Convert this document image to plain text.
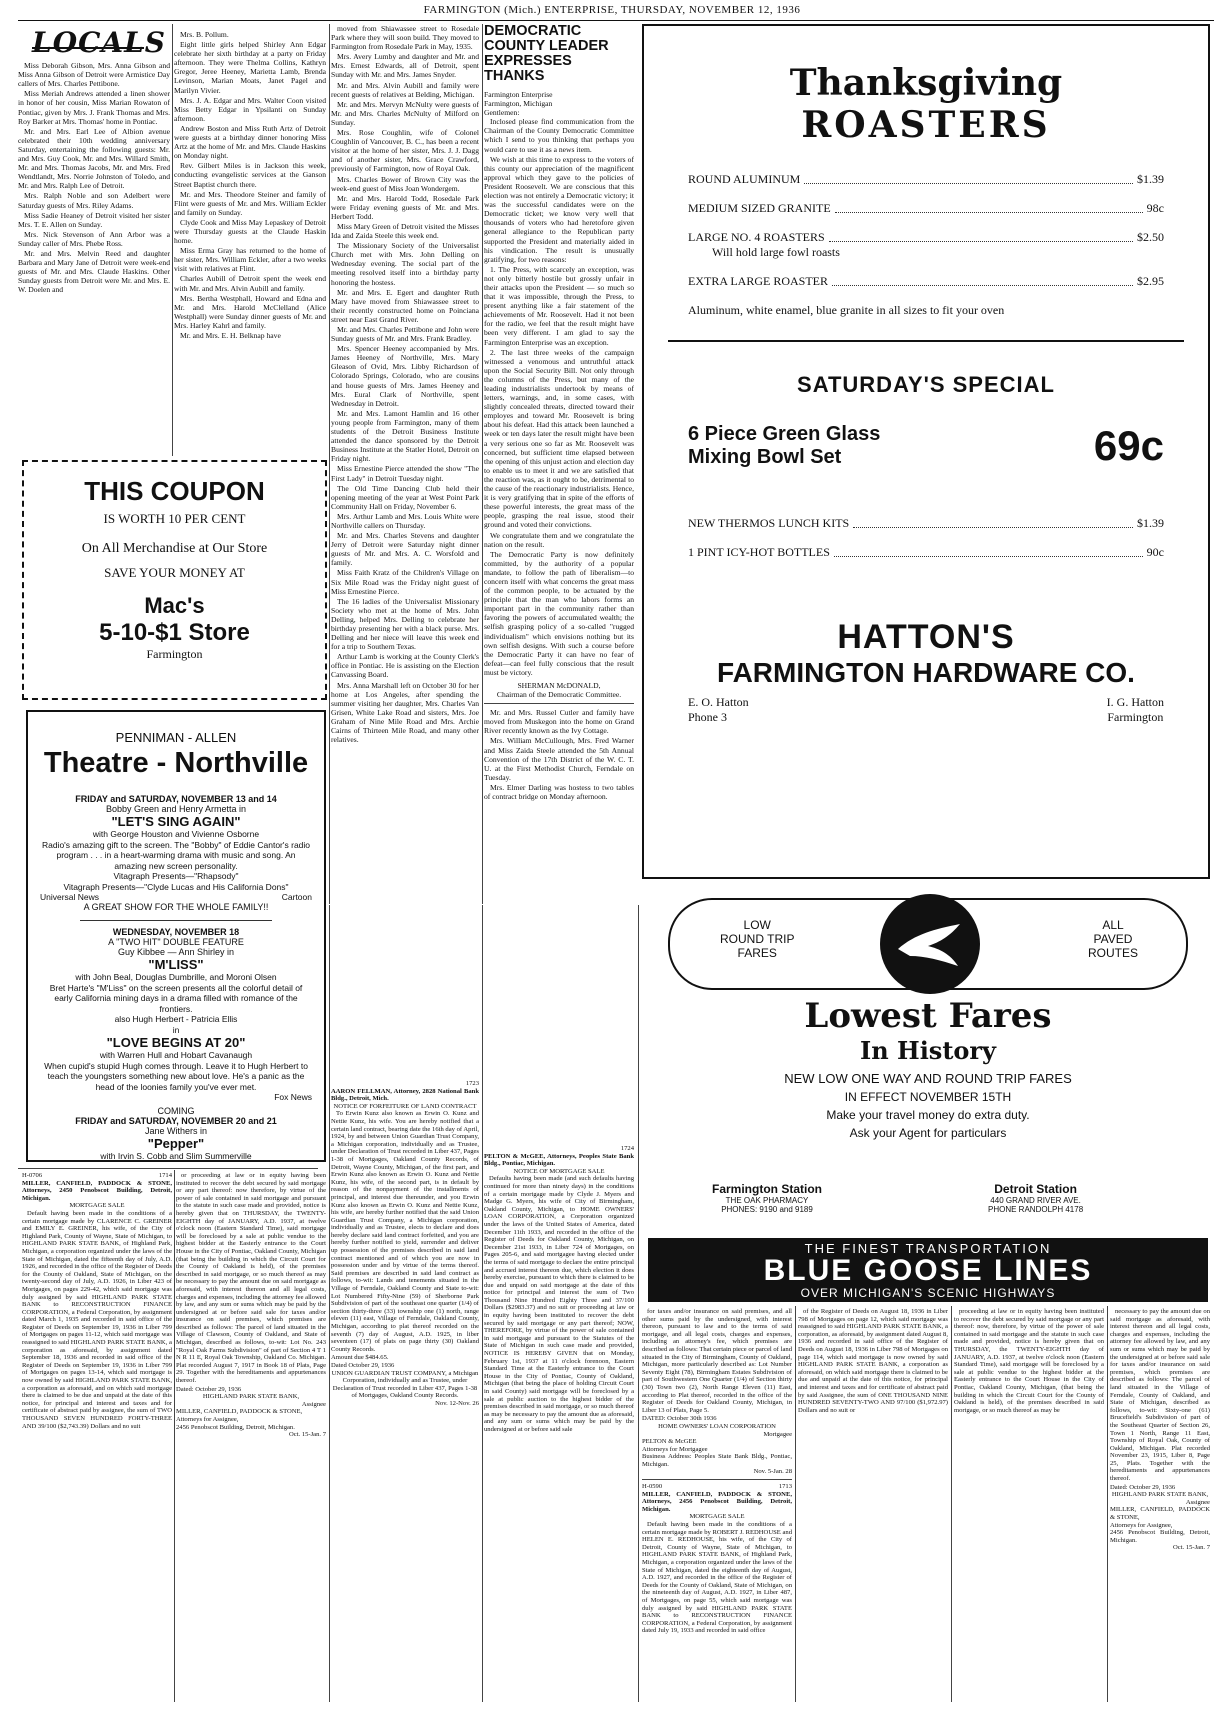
FARMINGTON (Mich.) ENTERPRISE, THURSDAY, NOVEMBER 12, 1936
LOCALS

Miss Deborah Gibson, Mrs. Anna Gibson and Miss Anna Gibson of Detroit were Armistice Day callers of Mrs. Charles Pettibone.

Miss Meriah Andrews attended a linen shower in honor of her cousin, Miss Marian Rowaton of Pontiac, given by Mrs. J. Frank Thomas and Mrs. Roy Barker at Mrs. Thomas' home in Pontiac.

Mr. and Mrs. Earl Lee of Albion avenue celebrated their 10th wedding anniversary Saturday, entertaining the following guests: Mr. and Mrs. Guy Cook, Mr. and Mrs. Willard Smith, Mr. and Mrs. Thomas Jacobs, Mr. and Mrs. Fred Wendtlandt, Mrs. Norrie Johnston of Toledo, and Mr. and Mrs. Ralph Lee of Detroit.

Mrs. Ralph Noble and son Adelbert were Saturday guests of Mrs. Riley Adams.

Miss Sadie Heaney of Detroit visited her sister Mrs. T. E. Allen on Sunday.

Mrs. Nick Stevenson of Ann Arbor was a Sunday caller of Mrs. Phebe Ross.

Mr. and Mrs. Melvin Reed and daughter Barbara and Mary Jane of Detroit were week-end guests of Mr. and Mrs. Claude Haskins. Other Sunday guests from Detroit were Mr. and Mrs. E. W. Doelen and

Mrs. B. Pollum.

Eight little girls helped Shirley Ann Edgar celebrate her sixth birthday at a party on Friday afternoon. They were Thelma Collins, Kathryn Gregor, Jeree Heeney, Marietta Lamb, Brenda Levinson, Marian Moats, Janet Pagel and Marilyn Vivier.

Mrs. J. A. Edgar and Mrs. Walter Coon visited Miss Betty Edgar in Ypsilanti on Sunday afternoon.

Andrew Boston and Miss Ruth Artz of Detroit were guests at a birthday dinner honoring Miss Artz at the home of Mr. and Mrs. Claude Haskins on Monday night.

Rev. Gilbert Miles is in Jackson this week, conducting evangelistic services at the Ganson Street Baptist church there.

Mr. and Mrs. Theodore Steiner and family of Flint were guests of Mr. and Mrs. William Eckler and family on Sunday.

Clyde Cook and Miss May Lepaskey of Detroit were Thursday guests at the Claude Haskin home.

Miss Erma Gray has returned to the home of her sister, Mrs. William Eckler, after a two weeks visit with relatives at Flint.

Charles Aubill of Detroit spent the week end with Mr. and Mrs. Alvin Aubill and family.

Mrs. Bertha Westphall, Howard and Edna and Mr. and Mrs. Harold McClelland (Alice Westphall) were Sunday dinner guests of Mr. and Mrs. Harley Kahrl and family.

Mr. and Mrs. E. H. Belknap have

moved from Shiawassee street to Rosedale Park where they will soon build. They moved to Farmington from Rosedale Park in May, 1935.

Mrs. Avery Lumby and daughter and Mr. and Mrs. Ernest Edwards, all of Detroit, spent Sunday with Mr. and Mrs. James Snyder.

Mr. and Mrs. Alvin Aubill and family were recent guests of relatives at Belding, Michigan.

Mr. and Mrs. Mervyn McNulty were guests of Mr. and Mrs. Charles McNulty of Milford on Sunday.

Mrs. Rose Coughlin, wife of Colonel Coughlin of Vancouver, B. C., has been a recent visitor at the home of her sister, Mrs. J. J. Dagg and of another sister, Mrs. Grace Crawford, previously of Farmington, now of Royal Oak.

Mrs. Charles Bower of Brown City was the week-end guest of Miss Joan Wondergem.

Mr. and Mrs. Harold Todd, Rosedale Park were Friday evening guests of Mr. and Mrs. Herbert Todd.

Miss Mary Green of Detroit visited the Misses Ida and Zaida Steele this week end.

The Missionary Society of the Universalist Church met with Mrs. John Delling on Wednesday evening. The social part of the meeting resolved itself into a birthday party honoring the hostess.

Mr. and Mrs. E. Egert and daughter Ruth Mary have moved from Shiawassee street to their recently constructed home on Poinciana street near East Grand River.

Mr. and Mrs. Charles Pettibone and John were Sunday guests of Mr. and Mrs. Frank Bradley.

Mrs. Spencer Heeney accompanied by Mrs. James Heeney of Northville, Mrs. Mary Gleason of Ovid, Mrs. Libby Richardson of Colorado Springs, Colorado, who are cousins and house guests of Mrs. James Heeney and Mrs. Eural Clark of Northville, spent Wednesday in Detroit.

Mr. and Mrs. Lamont Hamlin and 16 other young people from Farmington, many of them students of the Detroit Business Institute attended the dance sponsored by the Detroit Business Institute at the Statler Hotel, Detroit on Friday night.

Miss Ernestine Pierce attended the show "The First Lady" in Detroit Tuesday night.

The Old Time Dancing Club held their opening meeting of the year at West Point Park Community Hall on Friday, November 6.

Mrs. Arthur Lamb and Mrs. Louis White were Northville callers on Thursday.

Mr. and Mrs. Charles Stevens and daughter Jerry of Detroit were Saturday night dinner guests of Mr. and Mrs. A. C. Worsfold and family.

Miss Faith Kratz of the Children's Village on Six Mile Road was the Friday night guest of Miss Ernestine Pierce.

The 16 ladies of the Universalist Missionary Society who met at the home of Mrs. John Delling, helped Mrs. Delling to celebrate her birthday presenting her with a black purse. Mrs. Delling and her niece will leave this week end for a trip to Southern Texas.

Arthur Lamb is working at the County Clerk's office in Pontiac. He is assisting on the Election Canvassing Board.

Mrs. Anna Marshall left on October 30 for her home at Los Angeles, after spending the summer visiting her daughter, Mrs. Charles Van Grisen, White Lake Road and sisters, Mrs. Joe Graham of Nine Mile Road and Mrs. Archie Cairns of Thirteen Mile Road, and many other relatives.

DEMOCRATIC COUNTY LEADER EXPRESSES THANKS
Farmington Enterprise
Farmington, Michigan
Gentlemen:

Inclosed please find communication from the Chairman of the County Democratic Committee which I send to you thinking that perhaps you would care to use it as a news item.

We wish at this time to express to the voters of this county our appreciation of the magnificent approval which they gave to the policies of President Roosevelt. We are conscious that this election was not entirely a Democratic victory; it was the successful candidates were on the Democratic ticket; we know very well that thousands of voters who had heretofore given general allegiance to the Republican party supported the President and materially aided in his vindication. The result is unusually gratifying, for two reasons:

1. The Press, with scarcely an exception, was not only bitterly hostile but grossly unfair in their attacks upon the President — so much so that it was impossible, through the Press, to present anything like a fair statement of the achievements of Mr. Roosevelt. Had it not been for the radio, we feel that the result might have been very different. I am glad to say the Farmington Enterprise was an exception.

2. The last three weeks of the campaign witnessed a venomous and untruthful attack upon the Social Security Bill. Not only through the columns of the Press, but many of the leading industrialists undertook by means of letters, warnings, and, in some cases, with slightly concealed threats, directed toward their employes and toward Mr. Roosevelt is bring about his defeat. Had this attack been launched a week or ten days later the result might have been a very serious one so far as Mr. Roosevelt was concerned, but sufficient time elapsed between the opening of this unjust action and election day to enable us to meet it and we are satisfied that the reaction was, as it ought to be, detrimental to the cause of the reactionary industrialists. Hence, it is very gratifying that in spite of the efforts of these powerful interests, the great mass of the people, grasping the real issue, stood their ground and voted their convictions.

We congratulate them and we congratulate the nation on the result.

The Democratic Party is now definitely committed, by the authority of a popular mandate, to follow the path of liberalism—to concern itself with what concerns the great mass of the common people, to be actuated by the principle that the man who labors forms an important part in the community rather than favoring the powers of accumulated wealth; the selfish grasping policy of a so-called "rugged individualism" which envisions nothing but its own selfish designs. With such a course before the Democratic Party it can have no fear of defeat—can feel fully conscious that the result must be victory.

SHERMAN McDONALD,
Chairman of the Democratic Committee.

Mr. and Mrs. Russel Cutler and family have moved from Muskegon into the home on Grand River recently known as the Ivy Cottage.

Mrs. William McCullough, Mrs. Fred Warner and Miss Zaida Steele attended the 5th Annual Convention of the 17th District of the W. C. T. U. at the First Methodist Church, Ferndale on Tuesday.

Mrs. Elmer Darling was hostess to two tables of contract bridge on Monday afternoon.

THIS COUPON
IS WORTH 10 PER CENT
On All Merchandise at Our Store
SAVE YOUR MONEY AT
Mac's
5-10-$1 Store
Farmington
PENNIMAN - ALLEN
Theatre - Northville
FRIDAY and SATURDAY, NOVEMBER 13 and 14
Bobby Green and Henry Armetta in
"LET'S SING AGAIN"
with George Houston and Vivienne Osborne
Radio's amazing gift to the screen. The "Bobby" of Eddie Cantor's radio program . . . in a heart-warming drama with music and song. An amazing new screen personality.
Vitagraph Presents—"Rhapsody"
Vitagraph Presents—"Clyde Lucas and His California Dons"
Universal News	Cartoon
A GREAT SHOW FOR THE WHOLE FAMILY!!
WEDNESDAY, NOVEMBER 18
A "TWO HIT" DOUBLE FEATURE
Guy Kibbee — Ann Shirley in
"M'LISS"
with John Beal, Douglas Dumbrille, and Moroni Olsen
Bret Harte's "M'Liss" on the screen presents all the colorful detail of early California mining days in a drama filled with romance of the frontiers.
also Hugh Herbert - Patricia Ellis
in
"LOVE BEGINS AT 20"
with Warren Hull and Hobart Cavanaugh
When cupid's stupid Hugh comes through. Leave it to Hugh Herbert to teach the youngsters something new about love. He's a panic as the head of the loonies family you've ever met.
Fox News
COMING
FRIDAY and SATURDAY, NOVEMBER 20 and 21
Jane Withers in
"Pepper"
with Irvin S. Cobb and Slim Summerville
Thanksgiving
ROASTERS
ROUND ALUMINUM	$1.39
MEDIUM SIZED GRANITE	98c
LARGE NO. 4 ROASTERS	$2.50
Will hold large fowl roasts
EXTRA LARGE ROASTER	$2.95
Aluminum, white enamel, blue granite in all sizes to fit your oven
SATURDAY'S SPECIAL
6 Piece Green Glass
Mixing Bowl Set	69c
NEW THERMOS LUNCH KITS	$1.39
1 PINT ICY-HOT BOTTLES	90c
HATTON'S
FARMINGTON HARDWARE CO.
E. O. Hatton
Phone 3
I. G. Hatton
Farmington
LOW
ROUND TRIP
FARES
ALL
PAVED
ROUTES
Lowest Fares
In History
NEW LOW ONE WAY AND ROUND TRIP FARES
IN EFFECT NOVEMBER 15TH
Make your travel money do extra duty.
Ask your Agent for particulars
Farmington Station
THE OAK PHARMACY
PHONES: 9190 and 9189
Detroit Station
440 GRAND RIVER AVE.
PHONE RANDOLPH 4178
THE FINEST TRANSPORTATION
BLUE GOOSE LINES
OVER MICHIGAN'S SCENIC HIGHWAYS
H-0706	1714
MILLER, CANFIELD, PADDOCK & STONE, Attorneys, 2450 Penobscot Building, Detroit, Michigan.
MORTGAGE SALE

Default having been made in the conditions of a certain mortgage made by CLARENCE C. GREINER and EMILY E. GREINER, his wife, of the City of Highland Park, County of Wayne, State of Michigan, to HIGHLAND PARK STATE BANK, of Highland Park, Michigan, a corporation organized under the laws of the State of Michigan, dated the fifteenth day of July, A.D. 1926, and recorded in the office of the Register of Deeds for the County of Oakland, State of Michigan, on the twenty-second day of July, A.D. 1926, in Liber 423 of Mortgages, on pages 229-42, which said mortgage was duly assigned by said HIGHLAND PARK STATE BANK to RECONSTRUCTION FINANCE CORPORATION, a Federal Corporation, by assignment dated March 1, 1935 and recorded in said office of the Register of Deeds on September 19, 1936 in Liber 799 of Mortgages on pages 11-12, which said mortgage was reassigned to said HIGHLAND PARK STATE BANK, a corporation as aforesaid, by assignment dated September 18, 1936 and recorded in said office of the Register of Deeds on September 19, 1936 in Liber 799 of Mortgages on pages 13-14, which said mortgage is now owned by said HIGHLAND PARK STATE BANK, a corporation as aforesaid, and on which said mortgage there is claimed to be due and unpaid at the date of this notice, for principal and interest and taxes and for certificate of abstract paid by assignee, the sum of TWO THOUSAND SEVEN HUNDRED FORTY-THREE AND 39/100 ($2,743.39) Dollars and no suit

or proceeding at law or in equity having been instituted to recover the debt secured by said mortgage or any part thereof: now therefore, by virtue of the power of sale contained in said mortgage and pursuant to the statute in such case made and provided, notice is hereby given that on THURSDAY, the TWENTY-EIGHTH day of JANUARY, A.D. 1937, at twelve o'clock noon (Eastern Standard Time), said mortgage will be foreclosed by a sale at public vendue to the highest bidder at the Easterly entrance to the Court House in the City of Pontiac, Oakland County, Michigan (that being the building in which the Circuit Court for the County of Oakland is held), of the premises described in said mortgage, or so much thereof as may be necessary to pay the amount due on said mortgage as aforesaid, with interest thereon and all legal costs, charges and expenses, including the attorney fee allowed by law, and any sum or sums which may be paid by the undersigned at or before said sale for taxes and/or insurance on said premises, which premises are described as follows: The parcel of land situated in the Village of Clawson, County of Oakland, and State of Michigan, described as follows, to-wit: Lot No. 243 "Royal Oak Farms Subdivision" of part of Section 4 T 1 N R 11 E, Royal Oak Township, Oakland Co. Michigan. Plat recorded August 7, 1917 in Book 18 of Plats, Page 29. Together with the hereditaments and appurtenances thereof.

Dated: October 29, 1936
HIGHLAND PARK STATE BANK,
Assignee
MILLER, CANFIELD, PADDOCK & STONE,
Attorneys for Assignee,
2456 Penobscot Building, Detroit, Michigan.
Oct. 15-Jan. 7
1723
AARON FELLMAN, Attorney, 2828 National Bank Bldg., Detroit, Mich.
NOTICE OF FORFEITURE OF LAND CONTRACT

To Erwin Kunz also known as Erwin O. Kunz and Nettie Kunz, his wife. You are hereby notified that a certain land contract, bearing date the 16th day of April, 1924, by and between Union Guardian Trust Company, a Michigan corporation, individually and as Trustee, under Declaration of Trust recorded in Liber 437, Pages 1-38 of Mortgages, Oakland County Records, of Detroit, Wayne County, Michigan, of the first part, and Erwin Kunz also known as Erwin O. Kunz and Nettie Kunz, his wife, of the second part, is in default by reason of the nonpayment of the installments of principal, and interest due thereunder, and you Erwin Kunz also known as Erwin O. Kunz and Nettie Kunz, his wife, are hereby further notified that the said Union Guardian Trust Company, a Michigan corporation, individually and as Trustee, elects to declare and does hereby declare said land contract forfeited, and you are hereby further notified to yield, surrender and deliver up possession of the premises described in said land contract mentioned and of which you are now in possession under and by virtue of the terms thereof. Said premises are described in said land contract as follows, to-wit: Lands and tenements situated in the Village of Ferndale, Oakland County and State to-wit: Lot Numbered Fifty-Nine (59) of Sherborne Park Subdivision of part of the southeast one quarter (1/4) of section thirty-three (33) township one (1) north, range eleven (11) east, Village of Ferndale, Oakland County, Michigan, according to plat thereof recorded on the seventh (7) day of August, A.D. 1925, in liber seventeen (17) of plats on page thirty (30) Oakland County Records.

Amount due $484.65.
Dated October 29, 1936
UNION GUARDIAN TRUST COMPANY, a Michigan Corporation, individually and as Trustee, under Declaration of Trust recorded in Liber 437, Pages 1-38 of Mortgages, Oakland County Records.
Nov. 12-Nov. 26
1724
PELTON & McGEE, Attorneys, Peoples State Bank Bldg., Pontiac, Michigan.
NOTICE OF MORTGAGE SALE

Defaults having been made (and such defaults having continued for more than ninety days) in the conditions of a certain mortgage made by Clyde J. Myers and Madge G. Myers, his wife of City of Birmingham, Oakland County, Michigan, to HOME OWNERS' LOAN CORPORATION, a Corporation organized under the laws of the United States of America, dated December 11th 1933, and recorded in the office of the Register of Deeds for Oakland County, Michigan, on December 21st 1933, in Liber 724 of Mortgages, on Pages 205-6, and said mortgagee having elected under the terms of said mortgage to declare the entire principal and accrued interest thereon due, which election it does hereby exercise, pursuant to which there is claimed to be due and unpaid on said mortgage at the date of this notice for principal and interest the sum of Two Thousand Nine Hundred Eighty Three and 37/100 Dollars ($2983.37) and no suit or proceeding at law or in equity having been instituted to recover the debt secured by said mortgage or any part thereof; NOW, THEREFORE, by virtue of the power of sale contained in said mortgage and pursuant to the Statutes of the State of Michigan in such case made and provided, NOTICE IS HEREBY GIVEN that on Monday, February 1st, 1937 at 11 o'clock forenoon, Eastern Standard Time at the Easterly entrance to the Court House in the City of Pontiac, County of Oakland, Michigan (that being the place of holding Circuit Court in said County) said mortgage will be foreclosed by a sale at public auction to the highest bidder of the premises described in said mortgage, or so much thereof as may be necessary to pay the amount due as aforesaid, and any sum or sums which may be paid by the undersigned at or before said sale

for taxes and/or insurance on said premises, and all other sums paid by the undersigned, with interest thereon, pursuant to law and to the terms of said mortgage, and all legal costs, charges and expenses, including an attorney's fee, which premises are described as follows: That certain piece or parcel of land situated in the City of Birmingham, County of Oakland, Michigan, more particularly described as: Lot Number Seventy Eight (78), Birmingham Estates Subdivision of part of Southwestern One Quarter (1/4) of Section thirty (30) Town two (2), North Range Eleven (11) East, according to Plat thereof, recorded in the office of the Register of Deeds for Oakland County, Michigan, in Liber 13 of Plats, Page 5.

DATED: October 30th 1936
HOME OWNERS' LOAN CORPORATION
Mortgagee
PELTON & McGEE
Attorneys for Mortgagee
Business Address: Peoples State Bank Bldg., Pontiac, Michigan.
Nov. 5-Jan. 28
H-0590	1713
MILLER, CANFIELD, PADDOCK & STONE, Attorneys, 2456 Penobscot Building, Detroit, Michigan.
MORTGAGE SALE

Default having been made in the conditions of a certain mortgage made by ROBERT J. REDHOUSE and HELEN E. REDHOUSE, his wife, of the City of Detroit, County of Wayne, State of Michigan, to HIGHLAND PARK STATE BANK, of Highland Park, Michigan, a corporation organized under the laws of the State of Michigan, dated the eighteenth day of August, A.D. 1927, and recorded in the office of the Register of Deeds for the County of Oakland, State of Michigan, on the nineteenth day of August, A.D. 1927, in Liber 487, of Mortgages, on page 55, which said mortgage was duly assigned by said HIGHLAND PARK STATE BANK to RECONSTRUCTION FINANCE CORPORATION, a Federal Corporation, by assignment dated July 19, 1933 and recorded in said office

of the Register of Deeds on August 18, 1936 in Liber 798 of Mortgages on page 12, which said mortgage was reassigned to said HIGHLAND PARK STATE BANK, a corporation, as aforesaid, by assignment dated August 8, 1936 and recorded in said office of the Register of Deeds on August 18, 1936 in Liber 798 of Mortgages on page 114, which said mortgage is now owned by said HIGHLAND PARK STATE BANK, a corporation as aforesaid, on which said mortgage there is claimed to be due and unpaid at the date of this notice, for principal and interest and taxes and for certificate of abstract paid by said Assignee, the sum of ONE THOUSAND NINE HUNDRED SEVENTY-TWO AND 97/100 ($1,972.97) Dollars and no suit or

proceeding at law or in equity having been instituted to recover the debt secured by said mortgage or any part thereof: now, therefore, by virtue of the power of sale contained in said mortgage and the statute in such case made and provided, notice is hereby given that on THURSDAY, the TWENTY-EIGHTH day of JANUARY, A.D. 1937, at twelve o'clock noon (Eastern Standard Time), said mortgage will be foreclosed by a sale at public vendue to the highest bidder at the Easterly entrance to the Court House in the City of Pontiac, Oakland County, Michigan, (that being the building in which the Circuit Court for the County of Oakland is held), of the premises described in said mortgage, or so much thereof as may be

necessary to pay the amount due on said mortgage as aforesaid, with interest thereon and all legal costs, charges and expenses, including the attorney fee allowed by law, and any sum or sums which may be paid by the undersigned at or before said sale for taxes and/or insurance on said premises, which premises are described as follows: The parcel of land situated in the Village of Ferndale, County of Oakland, and State of Michigan, described as follows, to-wit: Sixty-one (61) Brucefield's Subdivision of part of the Southeast Quarter of Section 26, Town 1 North, Range 11 East, Township of Royal Oak, County of Oakland, Michigan. Plat recorded November 23, 1915, Liber 8, Page 25, Plats. Together with the hereditaments and appurtenances thereof.

Dated: October 29, 1936
HIGHLAND PARK STATE BANK,
Assignee
MILLER, CANFIELD, PADDOCK & STONE,
Attorneys for Assignee,
2456 Penobscot Building, Detroit, Michigan.
Oct. 15-Jan. 7
